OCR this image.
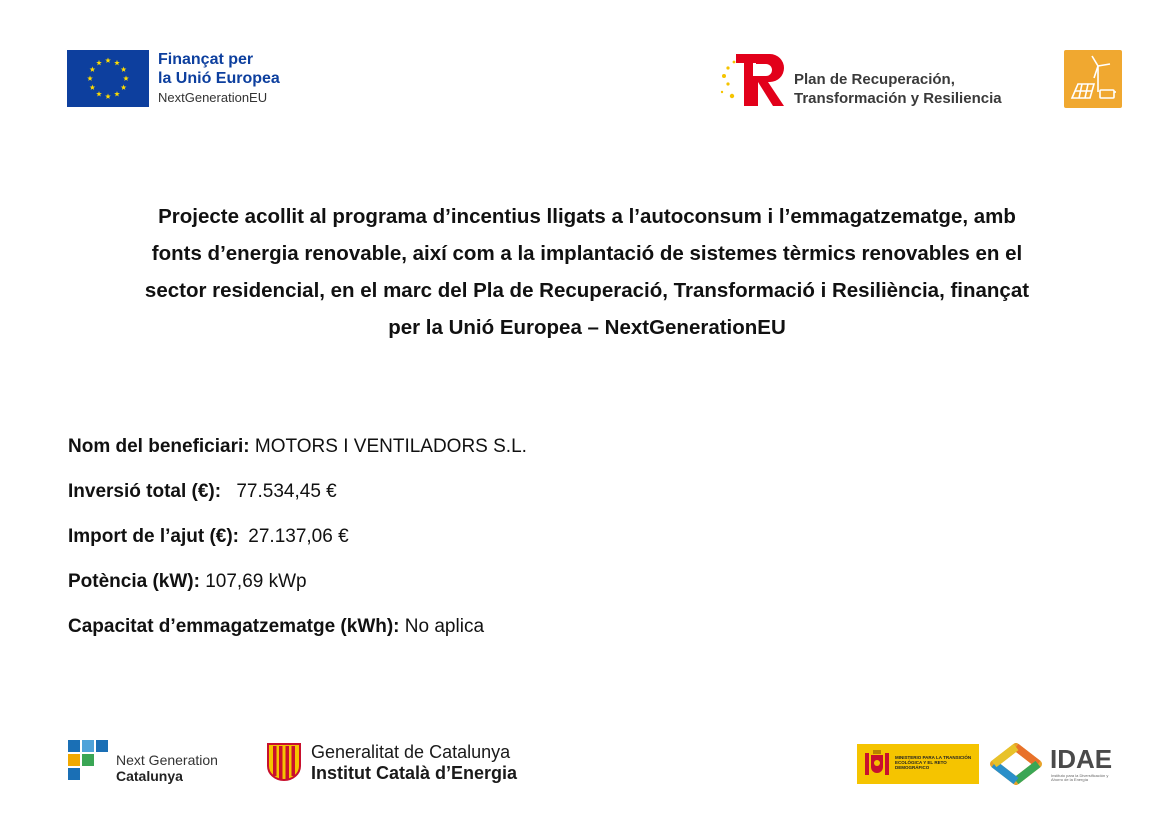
Finançat per
la Unió Europea
NextGenerationEU
Plan de Recuperación,
Transformación y Resiliencia
Projecte acollit al programa d’incentius lligats a l’autoconsum i l’emmagatzematge, amb
fonts d’energia renovable, així com a la implantació de sistemes tèrmics renovables en el
sector residencial, en el marc del Pla de Recuperació, Transformació i Resiliència, finançat
per la Unió Europea – NextGenerationEU
Nom del beneficiari: MOTORS I VENTILADORS S.L.
Inversió total (€): 77.534,45 €
Import de l’ajut (€): 27.137,06 €
Potència (kW): 107,69 kWp
Capacitat d’emmagatzematge (kWh): No aplica
Next Generation
Catalunya
Generalitat de Catalunya
Institut Català d’Energia
MINISTERIO PARA LA TRANSICIÓN ECOLÓGICA Y EL RETO DEMOGRÁFICO	IDAE
Instituto para la Diversificación y Ahorro de la Energía
